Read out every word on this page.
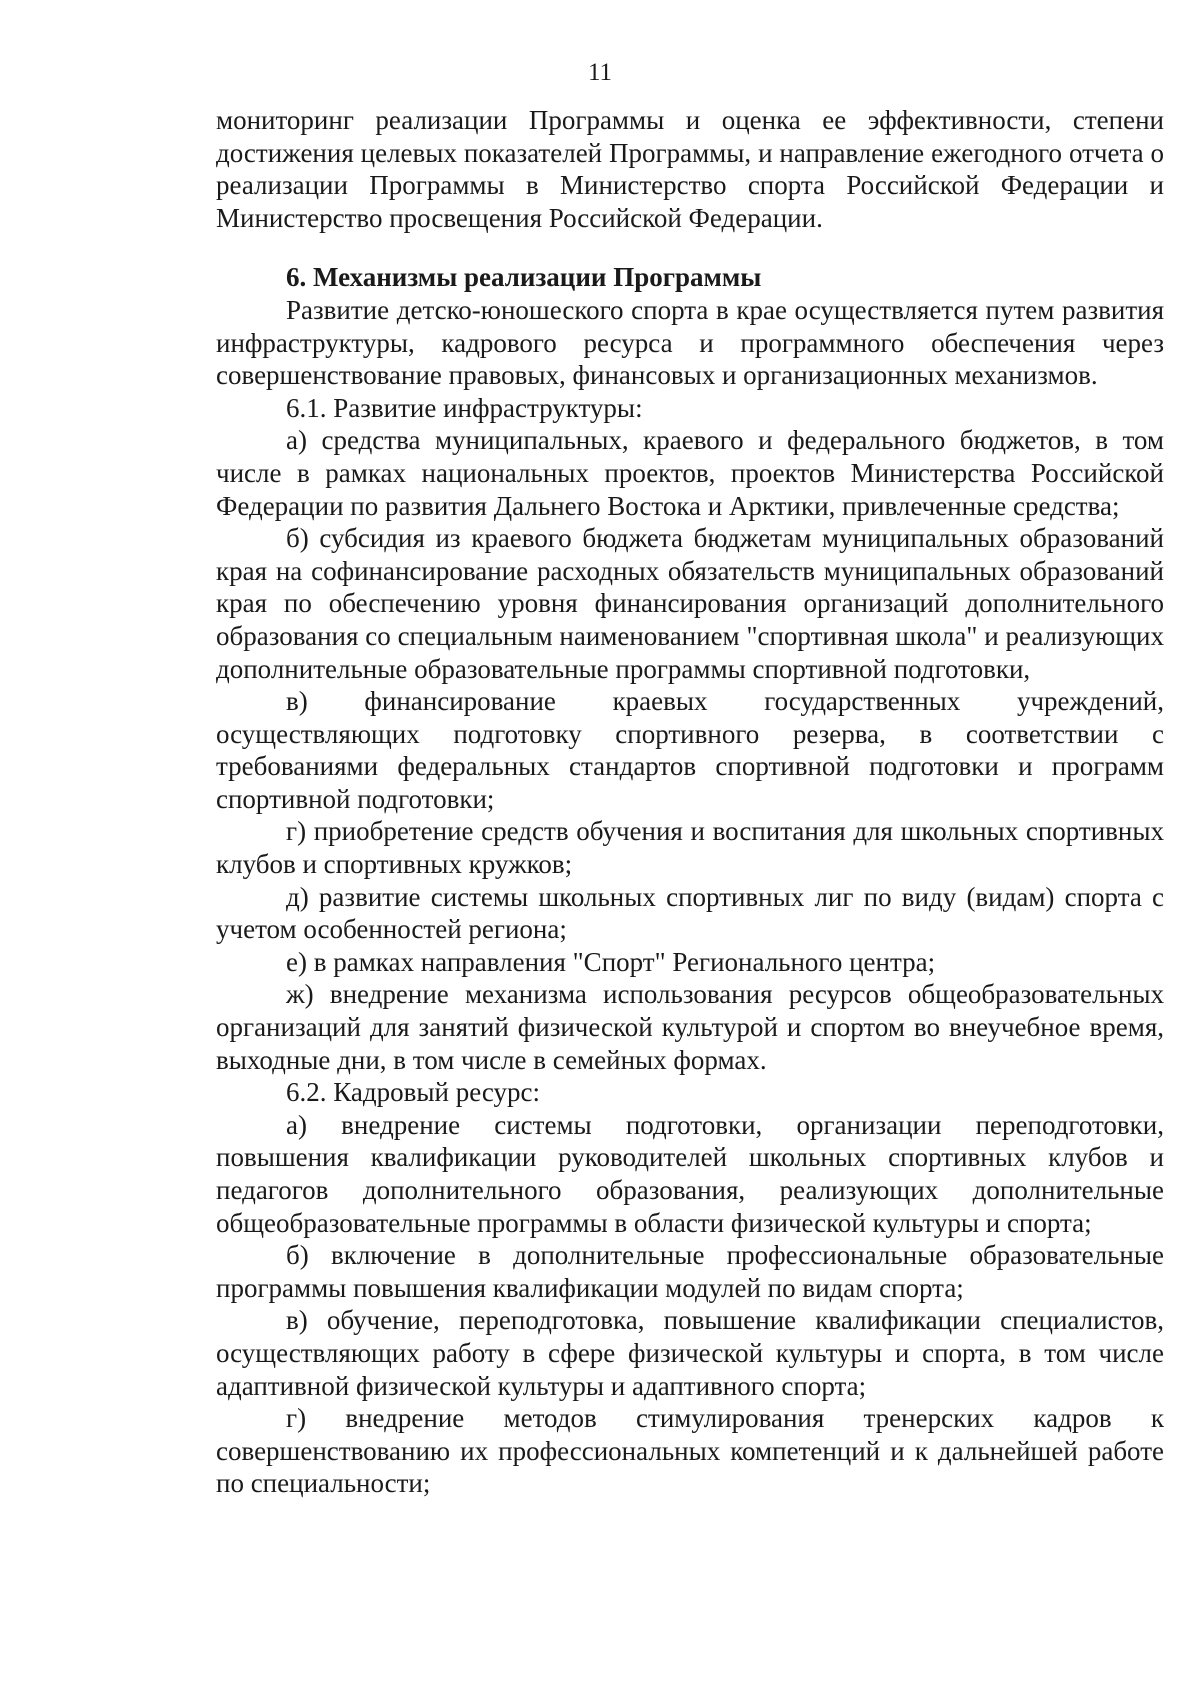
11

мониторинг реализации Программы и оценка ее эффективности, степени достижения целевых показателей Программы, и направление ежегодного отчета о реализации Программы в Министерство спорта Российской Федерации и Министерство просвещения Российской Федерации.

6. Механизмы реализации Программы

Развитие детско-юношеского спорта в крае осуществляется путем развития инфраструктуры, кадрового ресурса и программного обеспечения через совершенствование правовых, финансовых и организационных механизмов.

6.1. Развитие инфраструктуры:

а) средства муниципальных, краевого и федерального бюджетов, в том числе в рамках национальных проектов, проектов Министерства Российской Федерации по развития Дальнего Востока и Арктики, привлеченные средства;

б) субсидия из краевого бюджета бюджетам муниципальных образований края на софинансирование расходных обязательств муниципальных образований края по обеспечению уровня финансирования организаций дополнительного образования со специальным наименованием "спортивная школа" и реализующих дополнительные образовательные программы спортивной подготовки,

в) финансирование краевых государственных учреждений, осуществляющих подготовку спортивного резерва, в соответствии с требованиями федеральных стандартов спортивной подготовки и программ спортивной подготовки;

г) приобретение средств обучения и воспитания для школьных спортивных клубов и спортивных кружков;

д) развитие системы школьных спортивных лиг по виду (видам) спорта с учетом особенностей региона;

е) в рамках направления "Спорт" Регионального центра;

ж) внедрение механизма использования ресурсов общеобразовательных организаций для занятий физической культурой и спортом во внеучебное время, выходные дни, в том числе в семейных формах.

6.2. Кадровый ресурс:

а) внедрение системы подготовки, организации переподготовки, повышения квалификации руководителей школьных спортивных клубов и педагогов дополнительного образования, реализующих дополнительные общеобразовательные программы в области физической культуры и спорта;

б) включение в дополнительные профессиональные образовательные программы повышения квалификации модулей по видам спорта;

в) обучение, переподготовка, повышение квалификации специалистов, осуществляющих работу в сфере физической культуры и спорта, в том числе адаптивной физической культуры и адаптивного спорта;

г) внедрение методов стимулирования тренерских кадров к совершенствованию их профессиональных компетенций и к дальнейшей работе по специальности;
